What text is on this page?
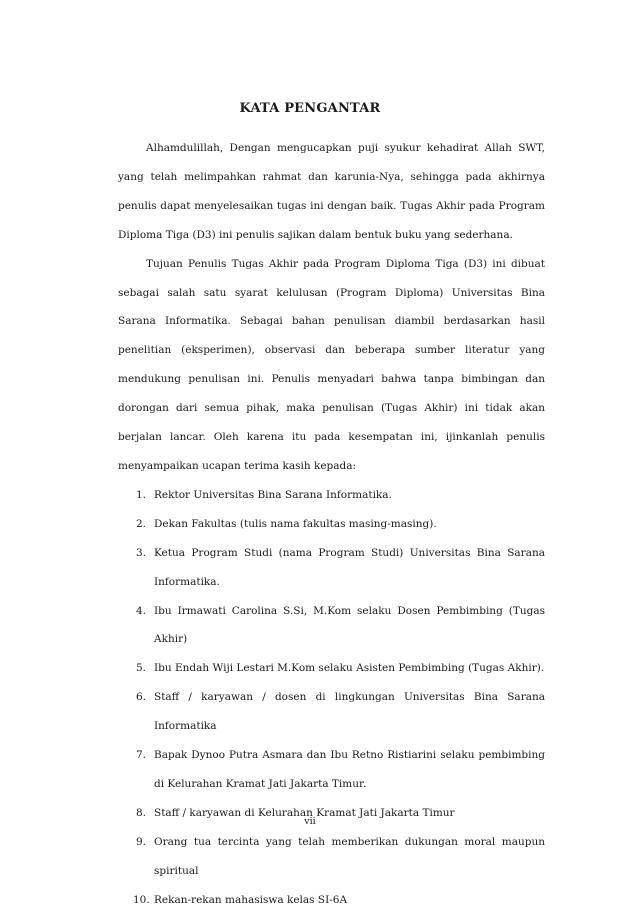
KATA PENGANTAR

Alhamdulillah, Dengan mengucapkan puji syukur kehadirat Allah SWT, yang telah melimpahkan rahmat dan karunia-Nya, sehingga pada akhirnya penulis dapat menyelesaikan tugas ini dengan baik. Tugas Akhir pada Program Diploma Tiga (D3) ini penulis sajikan dalam bentuk buku yang sederhana.

Tujuan Penulis Tugas Akhir pada Program Diploma Tiga (D3) ini dibuat sebagai salah satu syarat kelulusan (Program Diploma) Universitas Bina Sarana Informatika. Sebagai bahan penulisan diambil berdasarkan hasil penelitian (eksperimen), observasi dan beberapa sumber literatur yang mendukung penulisan ini. Penulis menyadari bahwa tanpa bimbingan dan dorongan dari semua pihak, maka penulisan (Tugas Akhir) ini tidak akan berjalan lancar. Oleh karena itu pada kesempatan ini, ijinkanlah penulis menyampaikan ucapan terima kasih kepada:

1. Rektor Universitas Bina Sarana Informatika.
2. Dekan Fakultas (tulis nama fakultas masing-masing).
3. Ketua Program Studi (nama Program Studi) Universitas Bina Sarana Informatika.
4. Ibu Irmawati Carolina S.Si, M.Kom selaku Dosen Pembimbing (Tugas Akhir)
5. Ibu Endah Wiji Lestari M.Kom selaku Asisten Pembimbing (Tugas Akhir).
6. Staff / karyawan / dosen di lingkungan Universitas Bina Sarana Informatika
7. Bapak Dynoo Putra Asmara dan Ibu Retno Ristiarini selaku pembimbing di Kelurahan Kramat Jati Jakarta Timur.
8. Staff / karyawan di Kelurahan Kramat Jati Jakarta Timur
9. Orang tua tercinta yang telah memberikan dukungan moral maupun spiritual
10. Rekan-rekan mahasiswa kelas SI-6A
vii
